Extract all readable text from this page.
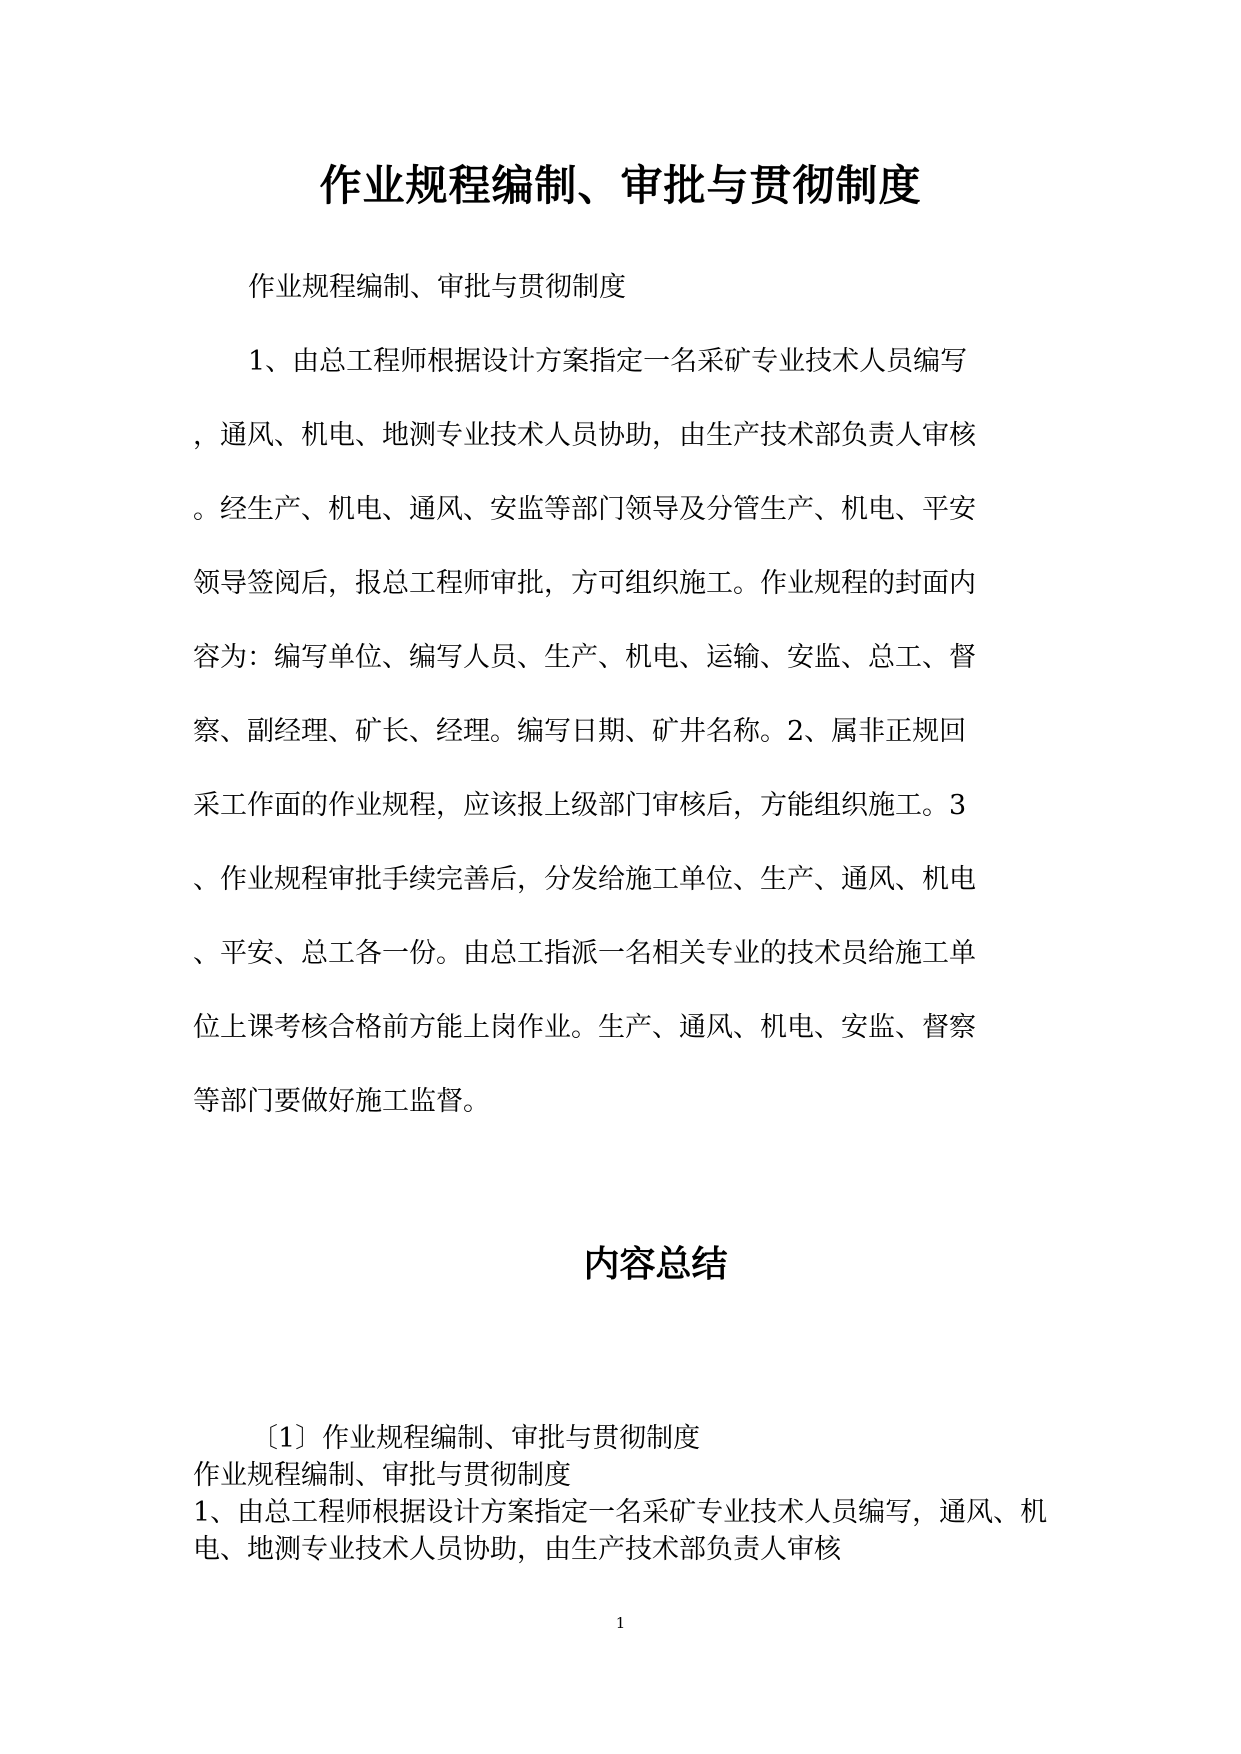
作业规程编制、审批与贯彻制度

作业规程编制、审批与贯彻制度

1、由总工程师根据设计方案指定一名采矿专业技术人员编写
，通风、机电、地测专业技术人员协助，由生产技术部负责人审核
。经生产、机电、通风、安监等部门领导及分管生产、机电、平安
领导签阅后，报总工程师审批，方可组织施工。作业规程的封面内
容为：编写单位、编写人员、生产、机电、运输、安监、总工、督
察、副经理、矿长、经理。编写日期、矿井名称。2、属非正规回
采工作面的作业规程，应该报上级部门审核后，方能组织施工。3
、作业规程审批手续完善后，分发给施工单位、生产、通风、机电
、平安、总工各一份。由总工指派一名相关专业的技术员给施工单
位上课考核合格前方能上岗作业。生产、通风、机电、安监、督察
等部门要做好施工监督。
内容总结
〔1〕作业规程编制、审批与贯彻制度
作业规程编制、审批与贯彻制度
1、由总工程师根据设计方案指定一名采矿专业技术人员编写，通风、机
电、地测专业技术人员协助，由生产技术部负责人审核
1
